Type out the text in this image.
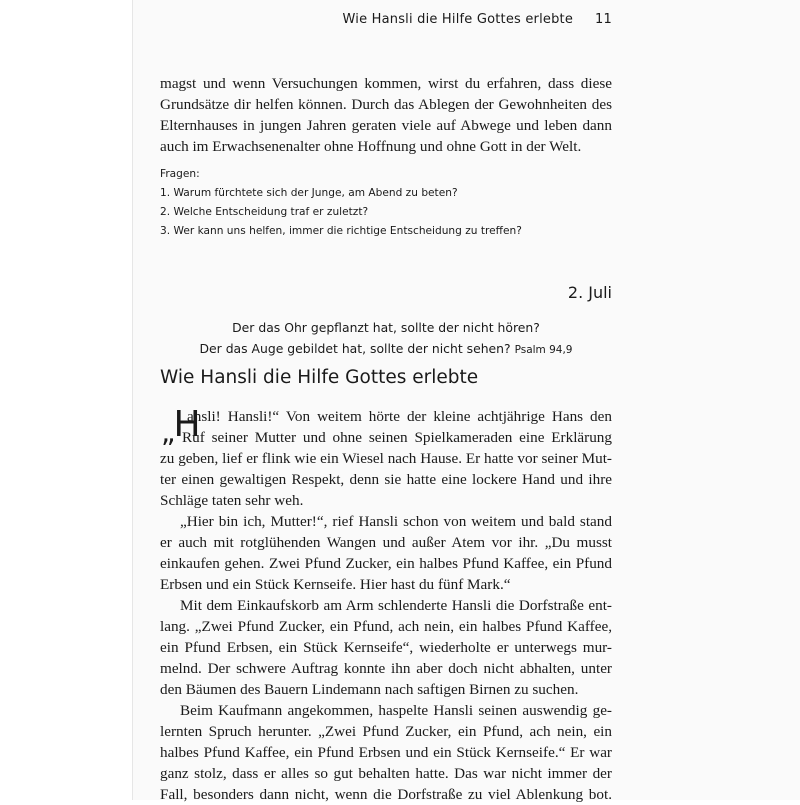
Wie Hansli die Hilfe Gottes erlebte 11
magst und wenn Versuchungen kommen, wirst du erfahren, dass diese
Grundsätze dir helfen können. Durch das Ablegen der Gewohnheiten des
Elternhauses in jungen Jahren geraten viele auf Abwege und leben dann
auch im Erwachsenenalter ohne Hoffnung und ohne Gott in der Welt.
Fragen:
1. Warum fürchtete sich der Junge, am Abend zu beten?
2. Welche Entscheidung traf er zuletzt?
3. Wer kann uns helfen, immer die richtige Entscheidung zu treffen?
2. Juli
Der das Ohr gepflanzt hat, sollte der nicht hören?
Der das Auge gebildet hat, sollte der nicht sehen? Psalm 94,9
Wie Hansli die Hilfe Gottes erlebte
„H
ansli! Hansli!“ Von weitem hörte der kleine achtjährige Hans den
Ruf seiner Mutter und ohne seinen Spielkameraden eine Erklärung
zu geben, lief er flink wie ein Wiesel nach Hause. Er hatte vor seiner Mut-
ter einen gewaltigen Respekt, denn sie hatte eine lockere Hand und ihre
Schläge taten sehr weh.
„Hier bin ich, Mutter!“, rief Hansli schon von weitem und bald stand
er auch mit rotglühenden Wangen und außer Atem vor ihr. „Du musst
einkaufen gehen. Zwei Pfund Zucker, ein halbes Pfund Kaffee, ein Pfund
Erbsen und ein Stück Kernseife. Hier hast du fünf Mark.“
Mit dem Einkaufskorb am Arm schlenderte Hansli die Dorfstraße ent-
lang. „Zwei Pfund Zucker, ein Pfund, ach nein, ein halbes Pfund Kaffee,
ein Pfund Erbsen, ein Stück Kernseife“, wiederholte er unterwegs mur-
melnd. Der schwere Auftrag konnte ihn aber doch nicht abhalten, unter
den Bäumen des Bauern Lindemann nach saftigen Birnen zu suchen.
Beim Kaufmann angekommen, haspelte Hansli seinen auswendig ge-
lernten Spruch herunter. „Zwei Pfund Zucker, ein Pfund, ach nein, ein
halbes Pfund Kaffee, ein Pfund Erbsen und ein Stück Kernseife.“ Er war
ganz stolz, dass er alles so gut behalten hatte. Das war nicht immer der
Fall, besonders dann nicht, wenn die Dorfstraße zu viel Ablenkung bot.
